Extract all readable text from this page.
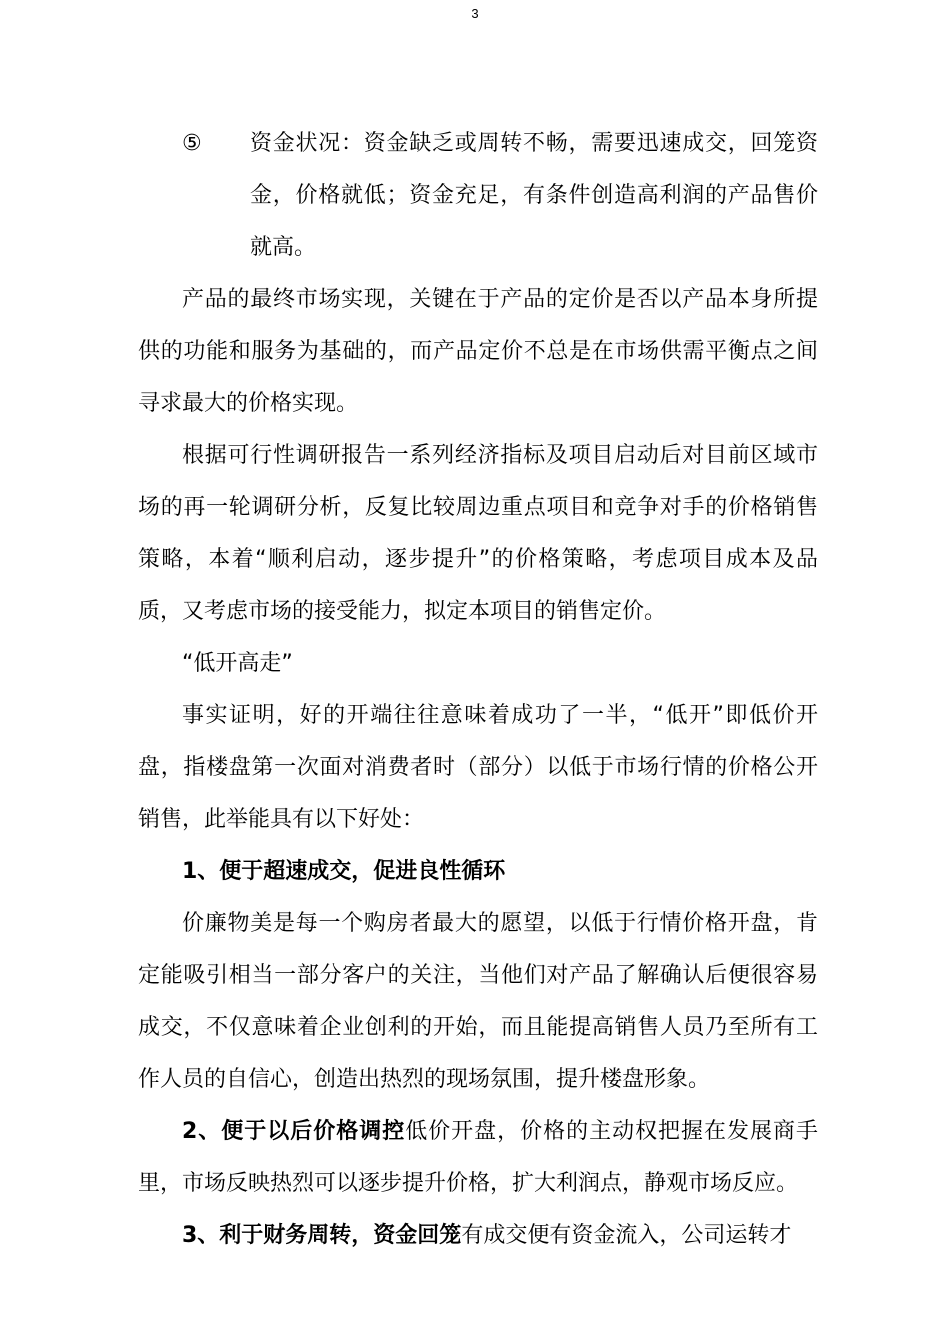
3

⑤ 资金状况：资金缺乏或周转不畅，需要迅速成交，回笼资金，价格就低；资金充足，有条件创造高利润的产品售价就高。

产品的最终市场实现，关键在于产品的定价是否以产品本身所提供的功能和服务为基础的，而产品定价不总是在市场供需平衡点之间寻求最大的价格实现。

根据可行性调研报告一系列经济指标及项目启动后对目前区域市场的再一轮调研分析，反复比较周边重点项目和竞争对手的价格销售策略，本着“顺利启动，逐步提升”的价格策略，考虑项目成本及品质，又考虑市场的接受能力，拟定本项目的销售定价。

“低开高走”

事实证明，好的开端往往意味着成功了一半，“低开”即低价开盘，指楼盘第一次面对消费者时（部分）以低于市场行情的价格公开销售，此举能具有以下好处：

1、便于超速成交，促进良性循环

价廉物美是每一个购房者最大的愿望，以低于行情价格开盘，肯定能吸引相当一部分客户的关注，当他们对产品了解确认后便很容易成交，不仅意味着企业创利的开始，而且能提高销售人员乃至所有工作人员的自信心，创造出热烈的现场氛围，提升楼盘形象。

2、便于以后价格调控低价开盘，价格的主动权把握在发展商手里，市场反映热烈可以逐步提升价格，扩大利润点，静观市场反应。

3、利于财务周转，资金回笼有成交便有资金流入，公司运转才
